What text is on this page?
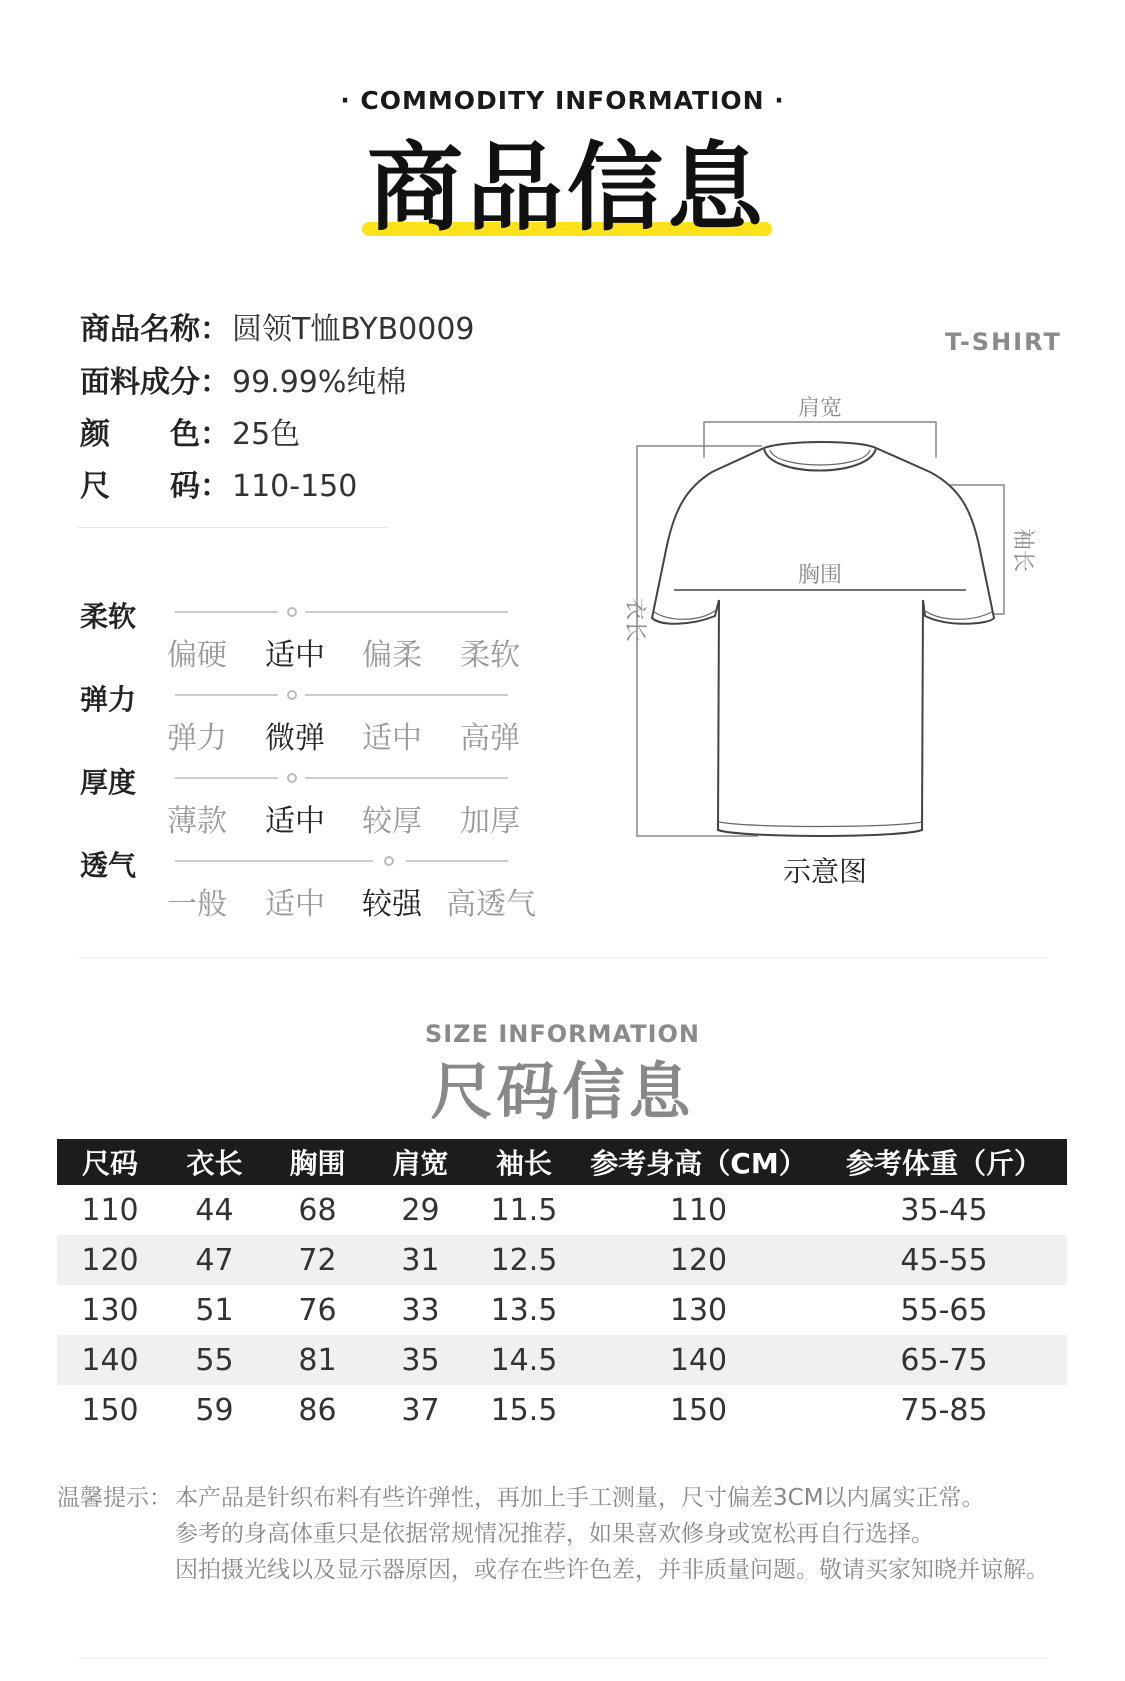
· COMMODITY INFORMATION ·
商品信息
商品名称：圆领T恤BYB0009
面料成分：99.99%纯棉
颜 色：25色
尺 码：110-150
T-SHIRT
柔软
偏硬 适中 偏柔 柔软
弹力
弹力 微弹 适中 高弹
厚度
薄款 适中 较厚 加厚
透气
一般 适中 较强 高透气
肩宽
衣长
袖长
胸围
示意图
SIZE INFORMATION
尺码信息
尺码	衣长	胸围	肩宽	袖长	参考身高（CM）	参考体重（斤）
110	44	68	29	11.5	110	35-45
120	47	72	31	12.5	120	45-55
130	51	76	33	13.5	130	55-65
140	55	81	35	14.5	140	65-75
150	59	86	37	15.5	150	75-85
温馨提示： 本产品是针织布料有些许弹性，再加上手工测量，尺寸偏差3CM以内属实正常。
参考的身高体重只是依据常规情况推荐，如果喜欢修身或宽松再自行选择。
因拍摄光线以及显示器原因，或存在些许色差，并非质量问题。敬请买家知晓并谅解。
